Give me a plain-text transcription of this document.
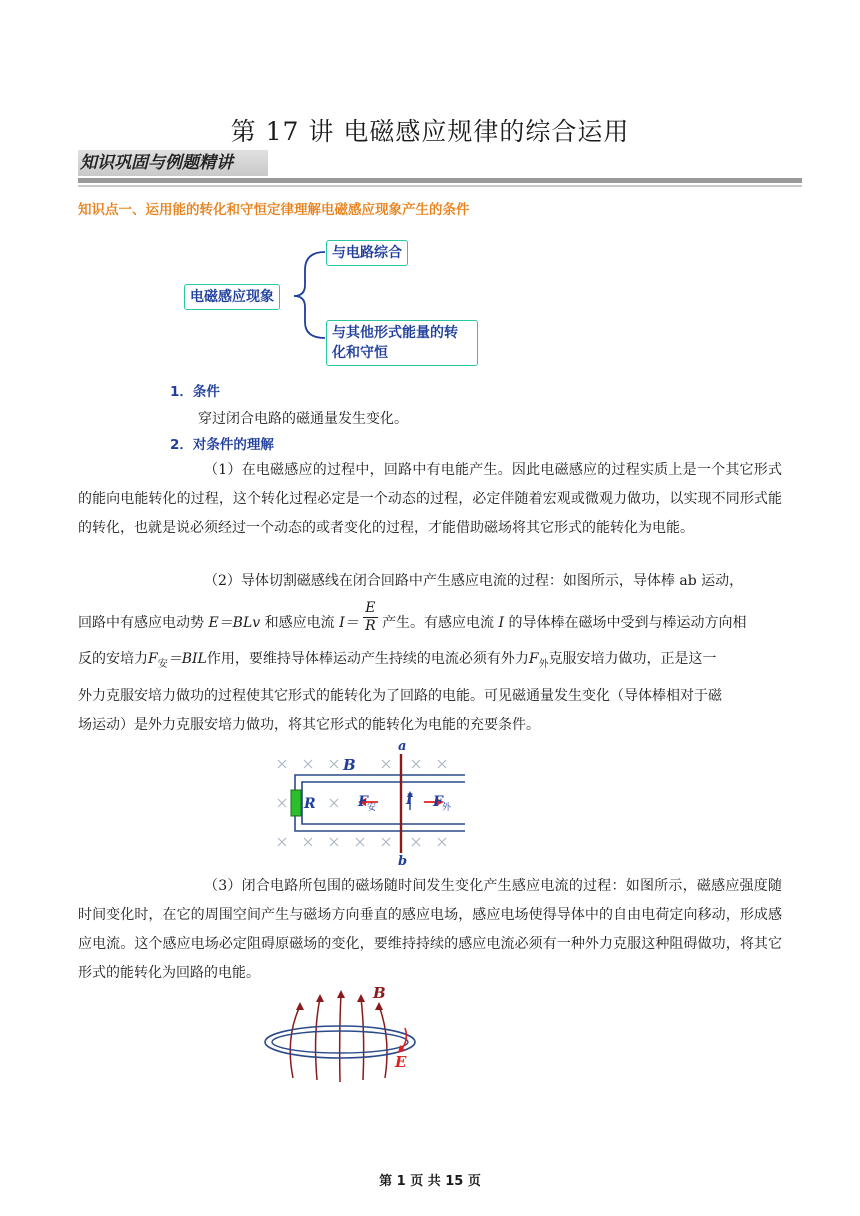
第 17 讲 电磁感应规律的综合运用
知识巩固与例题精讲
知识点一、运用能的转化和守恒定律理解电磁感应现象产生的条件
电磁感应现象
与电路综合
与其他形式能量的转
化和守恒
1．条件
穿过闭合电路的磁通量发生变化。
2．对条件的理解
（1）在电磁感应的过程中，回路中有电能产生。因此电磁感应的过程实质上是一个其它形式的能向电能转化的过程，这个转化过程必定是一个动态的过程，必定伴随着宏观或微观力做功，以实现不同形式能的转化，也就是说必须经过一个动态的或者变化的过程，才能借助磁场将其它形式的能转化为电能。
（2）导体切割磁感线在闭合回路中产生感应电流的过程：如图所示，导体棒 ab 运动，
回路中有感应电动势 E＝BLv 和感应电流 $I= \frac{E}{R}$ 产生。有感应电流 I 的导体棒在磁场中受到与棒运动方向相
反的安培力$F_安=BIL$作用，要维持导体棒运动产生持续的电流必须有外力$F_外$克服安培力做功，正是这一
外力克服安培力做功的过程使其它形式的能转化为了回路的电能。可见磁通量发生变化（导体棒相对于磁
场运动）是外力克服安培力做功，将其它形式的能转化为电能的充要条件。
a
b
B
R	I
F 安	F 外
（3）闭合电路所包围的磁场随时间发生变化产生感应电流的过程：如图所示，磁感应强度随时间变化时，在它的周围空间产生与磁场方向垂直的感应电场，感应电场使得导体中的自由电荷定向移动，形成感应电流。这个感应电场必定阻碍原磁场的变化，要维持持续的感应电流必须有一种外力克服这种阻碍做功，将其它形式的能转化为回路的电能。
B
E
第 1 页 共 15 页
